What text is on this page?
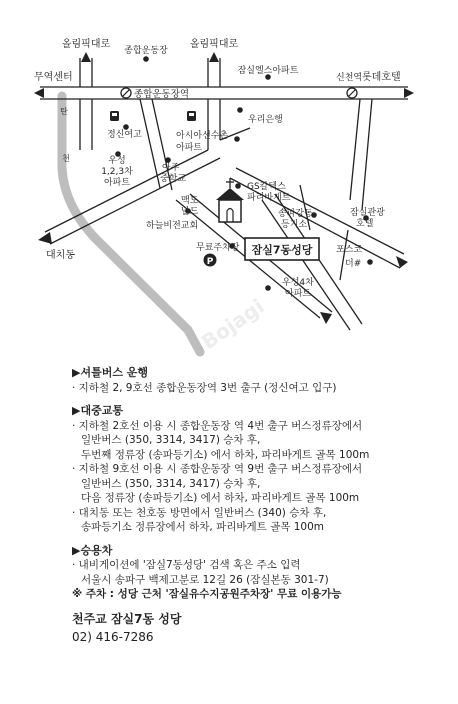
P
올림픽대로	올림픽대로
종합운동장
잠실엘스아파트
무역센터	신천역 롯데호텔
종합운동장역
탄
우리은행
정신여고	아시아선수촌
아파트
천	우성
1,2,3차
아파트
아주
중학교
GS칼텍스
파리바게트
맥도
날드	송파강동
등기소
잠실관광
호텔
하늘비전교회
무료주차장 잠실7동성당	포스코
더#
대치동
우성4차
아파트
Bojagi
▶셔틀버스 운행
· 지하철 2, 9호선 종합운동장역 3번 출구 (정신여고 입구)
▶대중교통
· 지하철 2호선 이용 시 종합운동장 역 4번 출구 버스정류장에서
일반버스 (350, 3314, 3417) 승차 후,
두번째 정류장 (송파등기소) 에서 하차, 파리바게트 골목 100m
· 지하철 9호선 이용 시 종합운동장 역 9번 출구 버스정류장에서
일반버스 (350, 3314, 3417) 승차 후,
다음 정류장 (송파등기소) 에서 하차, 파리바게트 골목 100m
· 대치동 또는 천호동 방면에서 일반버스 (340) 승차 후,
송파등기소 정류장에서 하차, 파리바게트 골목 100m
▶승용차
· 내비게이션에 '잠실7동성당' 검색 혹은 주소 입력
서울시 송파구 백제고분로 12길 26 (잠실본동 301-7)
※ 주차 : 성당 근처 '잠실유수지공원주차장' 무료 이용가능
천주교 잠실7동 성당
02) 416-7286
